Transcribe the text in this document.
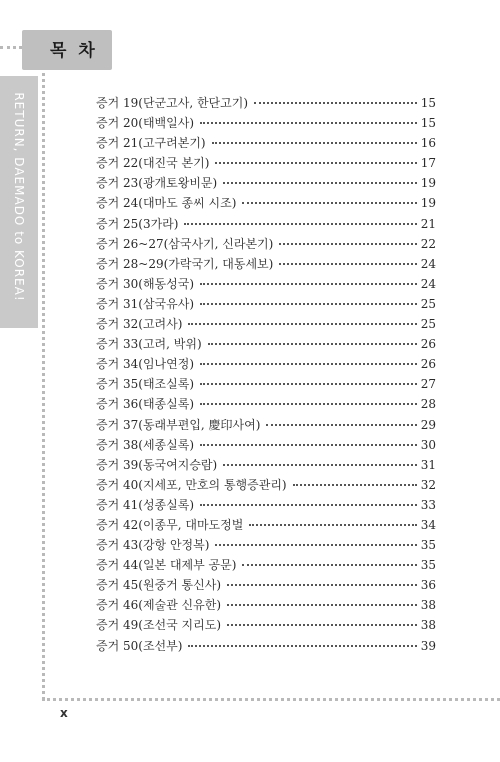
목 차
RETURN, DAEMADO to KOREA!	증거 19(단군고사, 한단고기)	15
증거 20(태백일사)	15
증거 21(고구려본기)	16
증거 22(대진국 본기)	17
증거 23(광개토왕비문)	19
증거 24(대마도 종씨 시조)	19
증거 25(3가라)	21
증거 26~27(삼국사기, 신라본기)	22
증거 28~29(가락국기, 대동세보)	24
증거 30(해동성국)	24
증거 31(삼국유사)	25
증거 32(고려사)	25
증거 33(고려, 박위)	26
증거 34(임나연정)	26
증거 35(태조실록)	27
증거 36(태종실록)	28
증거 37(동래부편입, 慶印사여)	29
증거 38(세종실록)	30
증거 39(동국여지승람)	31
증거 40(지세포, 만호의 통행증관리)	32
증거 41(성종실록)	33
증거 42(이종무, 대마도정벌	34
증거 43(강항 안정복)	35
증거 44(일본 대제부 공문)	35
증거 45(원중거 통신사)	36
증거 46(제술관 신유한)	38
증거 49(조선국 지리도)	38
증거 50(조선부)	39
x
